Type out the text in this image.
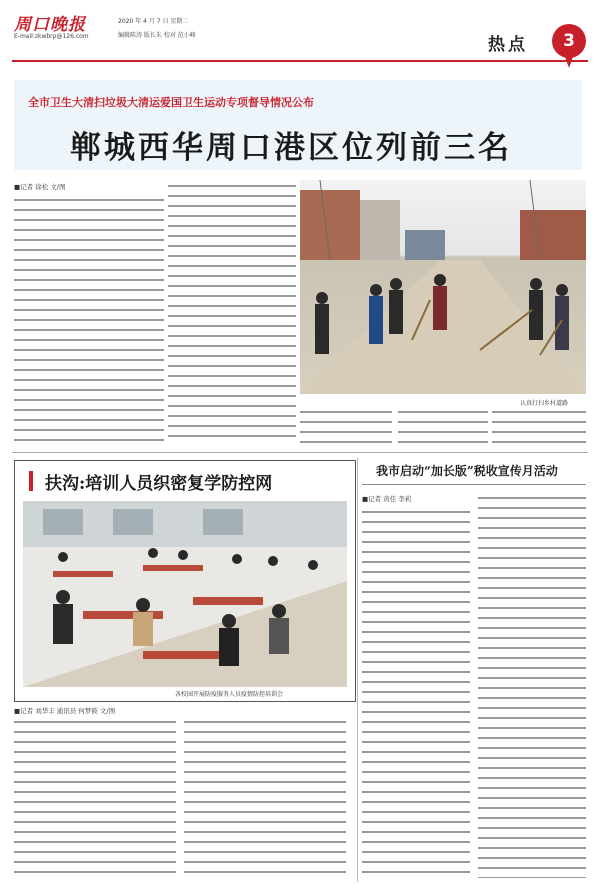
周口晚报
E-mail:zkwbrp@126.com
2020 年 4 月 7 日 星期二
编辑陈涛 版长朱 校对 范小峰	热点	3
全市卫生大清扫垃圾大清运爱国卫生运动专项督导情况公布
郸城西华周口港区位列前三名
■记者 徐松 文/图
认真打扫乡村道路
扶沟:培训人员织密复学防控网
各校园开展防疫服务人员疫情防控培训会
■记者 刘华丰 通讯员 何梦筱 文/图
我市启动“加长版”税收宣传月活动
■记者 黄佳 李莉
